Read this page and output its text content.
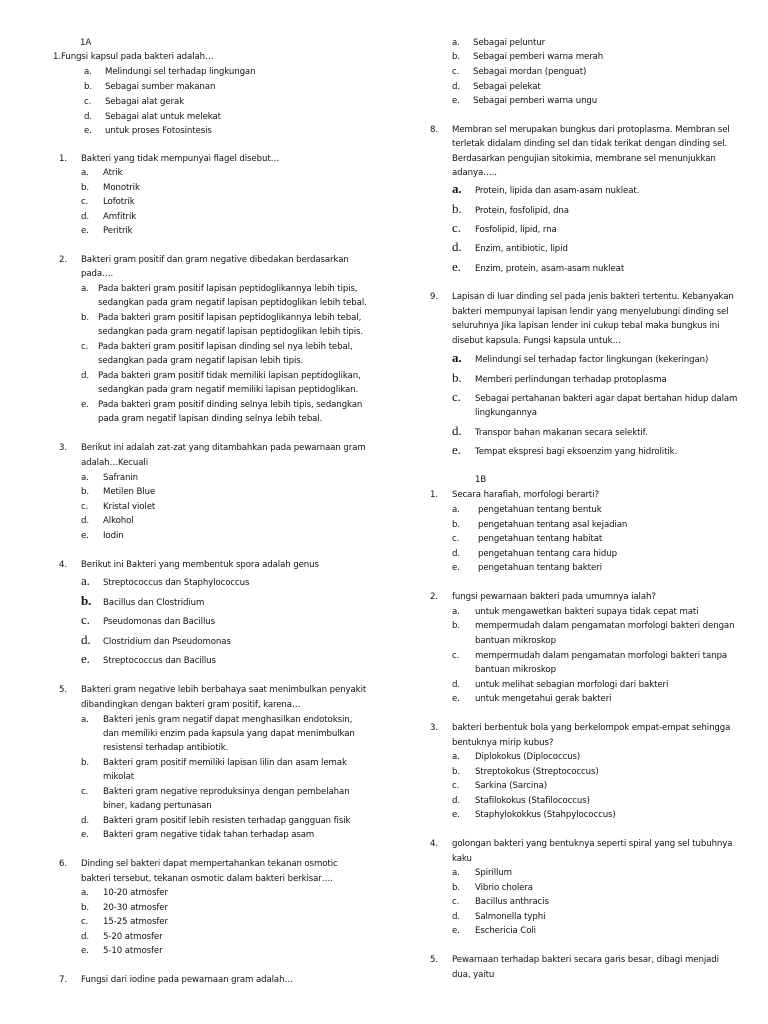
1A
1.Fungsi kapsul pada bakteri adalah…
a. Melindungi sel terhadap lingkungan
b. Sebagai sumber makanan
c. Sebagai alat gerak
d. Sebagai alat untuk melekat
e. untuk proses Fotosintesis
1. Bakteri yang tidak mempunyai flagel disebut…
a. Atrik
b. Monotrik
c. Lofotrik
d. Amfitrik
e. Peritrik
2. Bakteri gram positif dan gram negative dibedakan berdasarkan
pada….
a. Pada bakteri gram positif lapisan peptidoglikannya lebih tipis,
sedangkan pada gram negatif lapisan peptidoglikan lebih tebal.
b. Pada bakteri gram positif lapisan peptidoglikannya lebih tebal,
sedangkan pada gram negatif lapisan peptidoglikan lebih tipis.
c. Pada bakteri gram positif lapisan dinding sel nya lebih tebal,
sedangkan pada gram negatif lapisan lebih tipis.
d. Pada bakteri gram positif tidak memiliki lapisan peptidoglikan,
sedangkan pada gram negatif memiliki lapisan peptidoglikan.
e. Pada bakteri gram positif dinding selnya lebih tipis, sedangkan
pada gram negatif lapisan dinding selnya lebih tebal.
3. Berikut ini adalah zat-zat yang ditambahkan pada pewarnaan gram
adalah…Kecuali
a. Safranin
b. Metilen Blue
c. Kristal violet
d. Alkohol
e. Iodin
4. Berikut ini Bakteri yang membentuk spora adalah genus
a. Streptococcus dan Staphylococcus
b. Bacillus dan Clostridium
c. Pseudomonas dan Bacillus
d. Clostridium dan Pseudomonas
e. Streptococcus dan Bacillus
5. Bakteri gram negative lebih berbahaya saat menimbulkan penyakit
dibandingkan dengan bakteri gram positif, karena…
a. Bakteri jenis gram negatif dapat menghasilkan endotoksin,
dan memiliki enzim pada kapsula yang dapat menimbulkan
resistensi terhadap antibiotik.
b. Bakteri gram positif memiliki lapisan lilin dan asam lemak
mikolat
c. Bakteri gram negative reproduksinya dengan pembelahan
biner, kadang pertunasan
d. Bakteri gram positif lebih resisten terhadap gangguan fisik
e. Bakteri gram negative tidak tahan terhadap asam
6. Dinding sel bakteri dapat mempertahankan tekanan osmotic
bakteri tersebut, tekanan osmotic dalam bakteri berkisar….
a. 10-20 atmosfer
b. 20-30 atmosfer
c. 15-25 atmosfer
d. 5-20 atmosfer
e. 5-10 atmosfer
7. Fungsi dari iodine pada pewarnaan gram adalah…
a. Sebagai peluntur
b. Sebagai pemberi warna merah
c. Sebagai mordan (penguat)
d. Sebagai pelekat
e. Sebagai pemberi warna ungu
8. Membran sel merupakan bungkus dari protoplasma. Membran sel
terletak didalam dinding sel dan tidak terikat dengan dinding sel.
Berdasarkan pengujian sitokimia, membrane sel menunjukkan
adanya…..
a. Protein, lipida dan asam-asam nukleat.
b. Protein, fosfolipid, dna
c. Fosfolipid, lipid, rna
d. Enzim, antibiotic, lipid
e. Enzim, protein, asam-asam nukleat
9. Lapisan di luar dinding sel pada jenis bakteri tertentu. Kebanyakan
bakteri mempunyai lapisan lendir yang menyelubungi dinding sel
seluruhnya Jika lapisan lender ini cukup tebal maka bungkus ini
disebut kapsula. Fungsi kapsula untuk…
a. Melindungi sel terhadap factor lingkungan (kekeringan)
b. Memberi perlindungan terhadap protoplasma
c. Sebagai pertahanan bakteri agar dapat bertahan hidup dalam
lingkungannya
d. Transpor bahan makanan secara selektif.
e. Tempat ekspresi bagi eksoenzim yang hidrolitik.
1B
1. Secara harafiah, morfologi berarti?
a. pengetahuan tentang bentuk
b. pengetahuan tentang asal kejadian
c. pengetahuan tentang habitat
d. pengetahuan tentang cara hidup
e. pengetahuan tentang bakteri
2. fungsi pewarnaan bakteri pada umumnya ialah?
a. untuk mengawetkan bakteri supaya tidak cepat mati
b. mempermudah dalam pengamatan morfologi bakteri dengan
bantuan mikroskop
c. mempermudah dalam pengamatan morfologi bakteri tanpa
bantuan mikroskop
d. untuk melihat sebagian morfologi dari bakteri
e. untuk mengetahui gerak bakteri
3. bakteri berbentuk bola yang berkelompok empat-empat sehingga
bentuknya mirip kubus?
a. Diplokokus (Diplococcus)
b. Streptokokus (Streptococcus)
c. Sarkina (Sarcina)
d. Stafilokokus (Stafilococcus)
e. Staphylokokkus (Stahpylococcus)
4. golongan bakteri yang bentuknya seperti spiral yang sel tubuhnya
kaku
a. Spirillum
b. Vibrio cholera
c. Bacillus anthracis
d. Salmonella typhi
e. Eschericia Coli
5. Pewarnaan terhadap bakteri secara garis besar, dibagi menjadi
dua, yaitu
